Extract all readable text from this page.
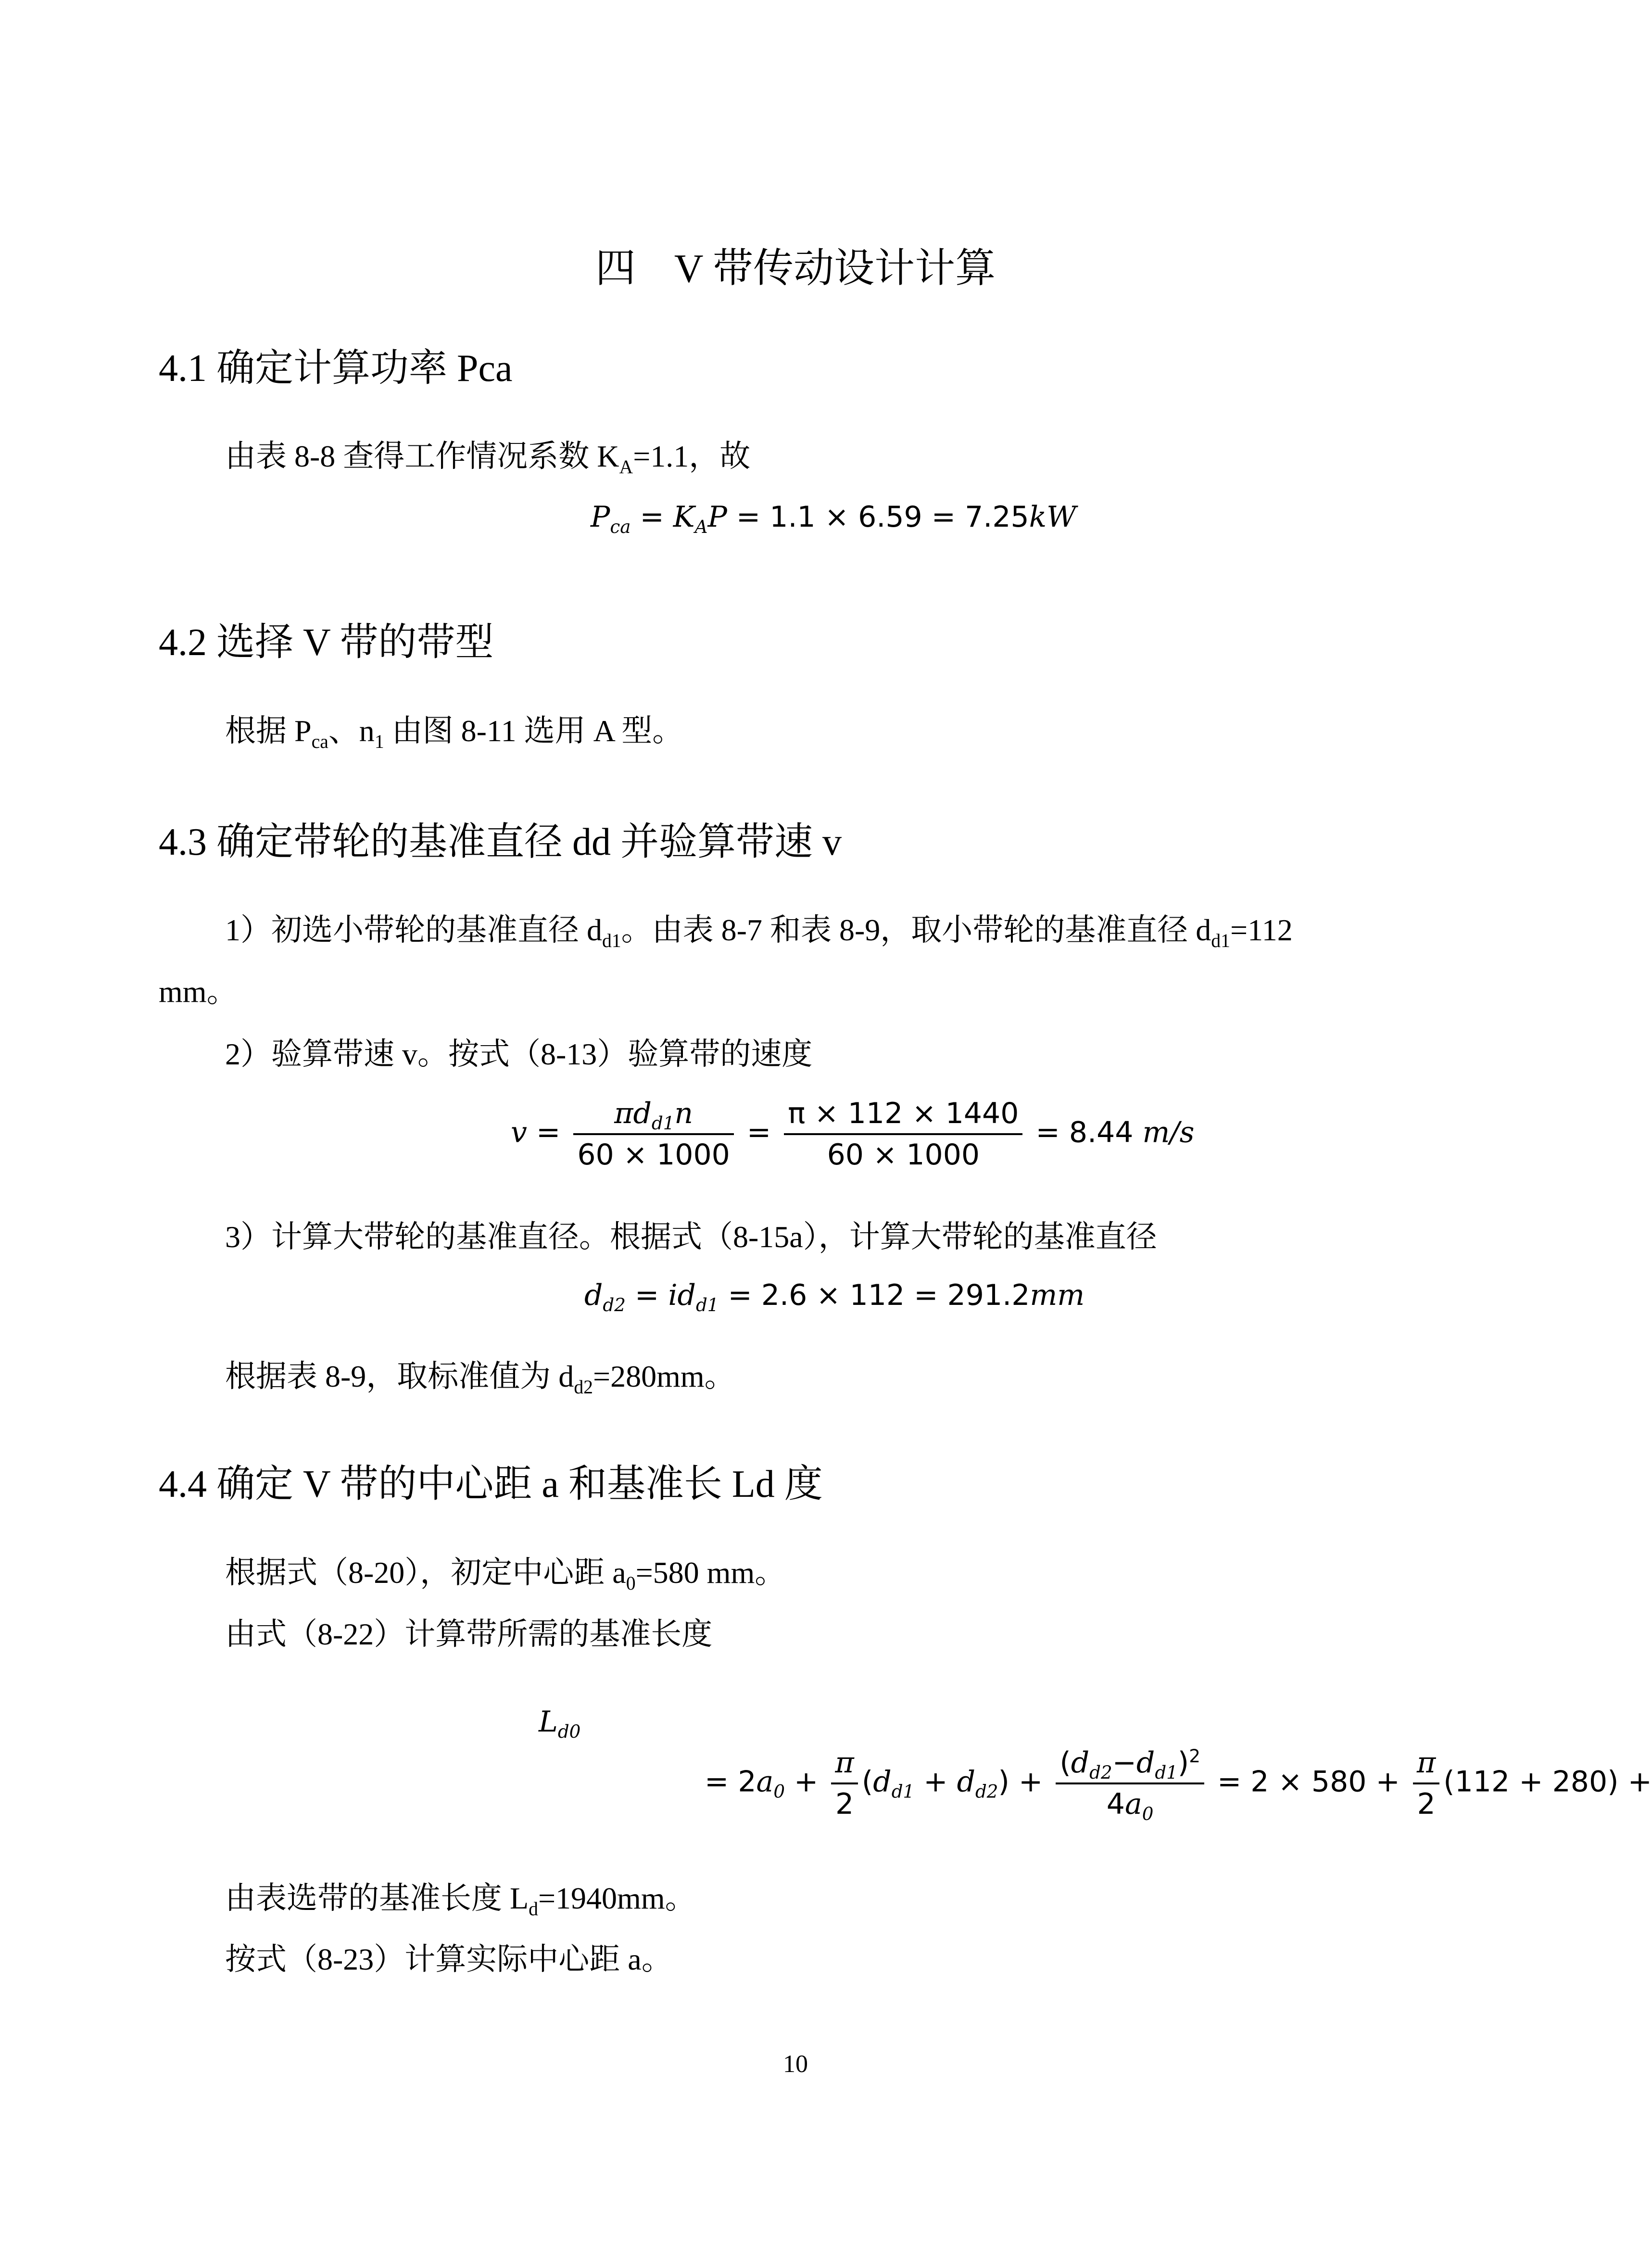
四 V 带传动设计计算
4.1 确定计算功率 Pca
由表 8-8 查得工作情况系数 $K_A=1.1$，故
$P_{ca} = K_AP = 1.1 \times 6.59 = 7.25kW$
4.2 选择 V 带的带型
根据 $P_{ca}$、$n_1$ 由图 8-11 选用 A 型。
4.3 确定带轮的基准直径 dd 并验算带速 v
1）初选小带轮的基准直径 $d_{d1}$。由表 8-7 和表 8-9，取小带轮的基准直径 $d_{d1}=112$
mm。
2）验算带速 v。按式（8-13）验算带的速度
$v = \frac{\pi d_{d1}n}{60 \times 1000} = \frac{\pi \times 112 \times 1440}{60 \times 1000} = 8.44$ m/s
3）计算大带轮的基准直径。根据式（8-15a），计算大带轮的基准直径
$d_{d2} = id_{d1} = 2.6 \times 112 = 291.2mm$
根据表 8-9，取标准值为 $d_{d2}=280mm$。
4.4 确定 V 带的中心距 a 和基准长 Ld 度
根据式（8-20），初定中心距 $a_0=580$ mm。
由式（8-22）计算带所需的基准长度
$L_{d0}$
= $2a_0 + \frac{\pi}{2} (d_{d1} + d_{d2}) + \frac{(d_{d2}-d_{d1})^2}{4a_0} = 2 \times 580 + \frac{\pi}{2} (112 + 280)$ +
由表选带的基准长度 $L_d=1940mm$。
按式（8-23）计算实际中心距 a。
10
